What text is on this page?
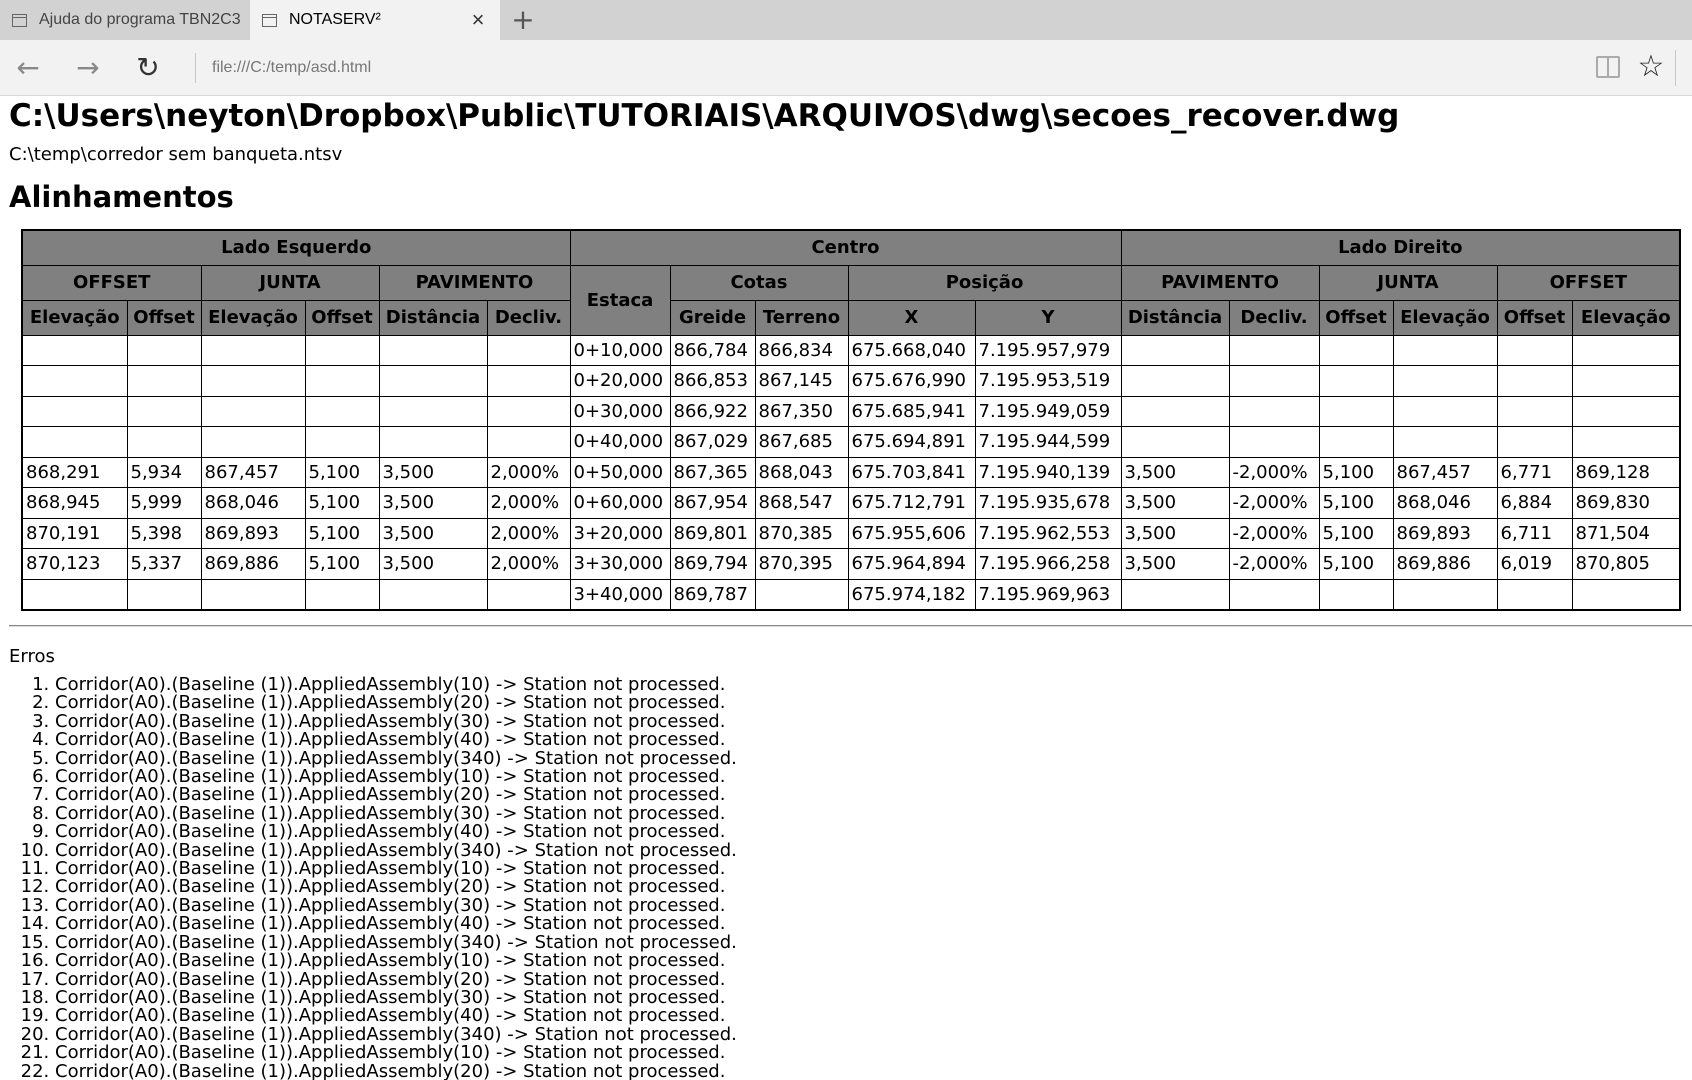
Ajuda do programa TBN2C3	NOTASERV²	× +
← → ↻	file:///C:/temp/asd.html	☆
C:\Users\neyton\Dropbox\Public\TUTORIAIS\ARQUIVOS\dwg\secoes_recover.dwg

C:\temp\corredor sem banqueta.ntsv

Alinhamentos
Lado Esquerdo						Centro					Lado Direito					
OFFSET		JUNTA		PAVIMENTO		Estaca	Cotas		Posição		PAVIMENTO		JUNTA		OFFSET	
Elevação	Offset	Elevação	Offset	Distância	Decliv.		Greide	Terreno	X	Y	Distância	Decliv.	Offset	Elevação	Offset	Elevação
						0+10,000	866,784	866,834	675.668,040	7.195.957,979						
						0+20,000	866,853	867,145	675.676,990	7.195.953,519						
						0+30,000	866,922	867,350	675.685,941	7.195.949,059						
						0+40,000	867,029	867,685	675.694,891	7.195.944,599						
868,291	5,934	867,457	5,100	3,500	2,000%	0+50,000	867,365	868,043	675.703,841	7.195.940,139	3,500	-2,000%	5,100	867,457	6,771	869,128
868,945	5,999	868,046	5,100	3,500	2,000%	0+60,000	867,954	868,547	675.712,791	7.195.935,678	3,500	-2,000%	5,100	868,046	6,884	869,830
870,191	5,398	869,893	5,100	3,500	2,000%	3+20,000	869,801	870,385	675.955,606	7.195.962,553	3,500	-2,000%	5,100	869,893	6,711	871,504
870,123	5,337	869,886	5,100	3,500	2,000%	3+30,000	869,794	870,395	675.964,894	7.195.966,258	3,500	-2,000%	5,100	869,886	6,019	870,805
						3+40,000	869,787		675.974,182	7.195.969,963						

Erros

1. Corridor(A0).(Baseline (1)).AppliedAssembly(10) -> Station not processed.
2. Corridor(A0).(Baseline (1)).AppliedAssembly(20) -> Station not processed.
3. Corridor(A0).(Baseline (1)).AppliedAssembly(30) -> Station not processed.
4. Corridor(A0).(Baseline (1)).AppliedAssembly(40) -> Station not processed.
5. Corridor(A0).(Baseline (1)).AppliedAssembly(340) -> Station not processed.
6. Corridor(A0).(Baseline (1)).AppliedAssembly(10) -> Station not processed.
7. Corridor(A0).(Baseline (1)).AppliedAssembly(20) -> Station not processed.
8. Corridor(A0).(Baseline (1)).AppliedAssembly(30) -> Station not processed.
9. Corridor(A0).(Baseline (1)).AppliedAssembly(40) -> Station not processed.
10. Corridor(A0).(Baseline (1)).AppliedAssembly(340) -> Station not processed.
11. Corridor(A0).(Baseline (1)).AppliedAssembly(10) -> Station not processed.
12. Corridor(A0).(Baseline (1)).AppliedAssembly(20) -> Station not processed.
13. Corridor(A0).(Baseline (1)).AppliedAssembly(30) -> Station not processed.
14. Corridor(A0).(Baseline (1)).AppliedAssembly(40) -> Station not processed.
15. Corridor(A0).(Baseline (1)).AppliedAssembly(340) -> Station not processed.
16. Corridor(A0).(Baseline (1)).AppliedAssembly(10) -> Station not processed.
17. Corridor(A0).(Baseline (1)).AppliedAssembly(20) -> Station not processed.
18. Corridor(A0).(Baseline (1)).AppliedAssembly(30) -> Station not processed.
19. Corridor(A0).(Baseline (1)).AppliedAssembly(40) -> Station not processed.
20. Corridor(A0).(Baseline (1)).AppliedAssembly(340) -> Station not processed.
21. Corridor(A0).(Baseline (1)).AppliedAssembly(10) -> Station not processed.
22. Corridor(A0).(Baseline (1)).AppliedAssembly(20) -> Station not processed.
